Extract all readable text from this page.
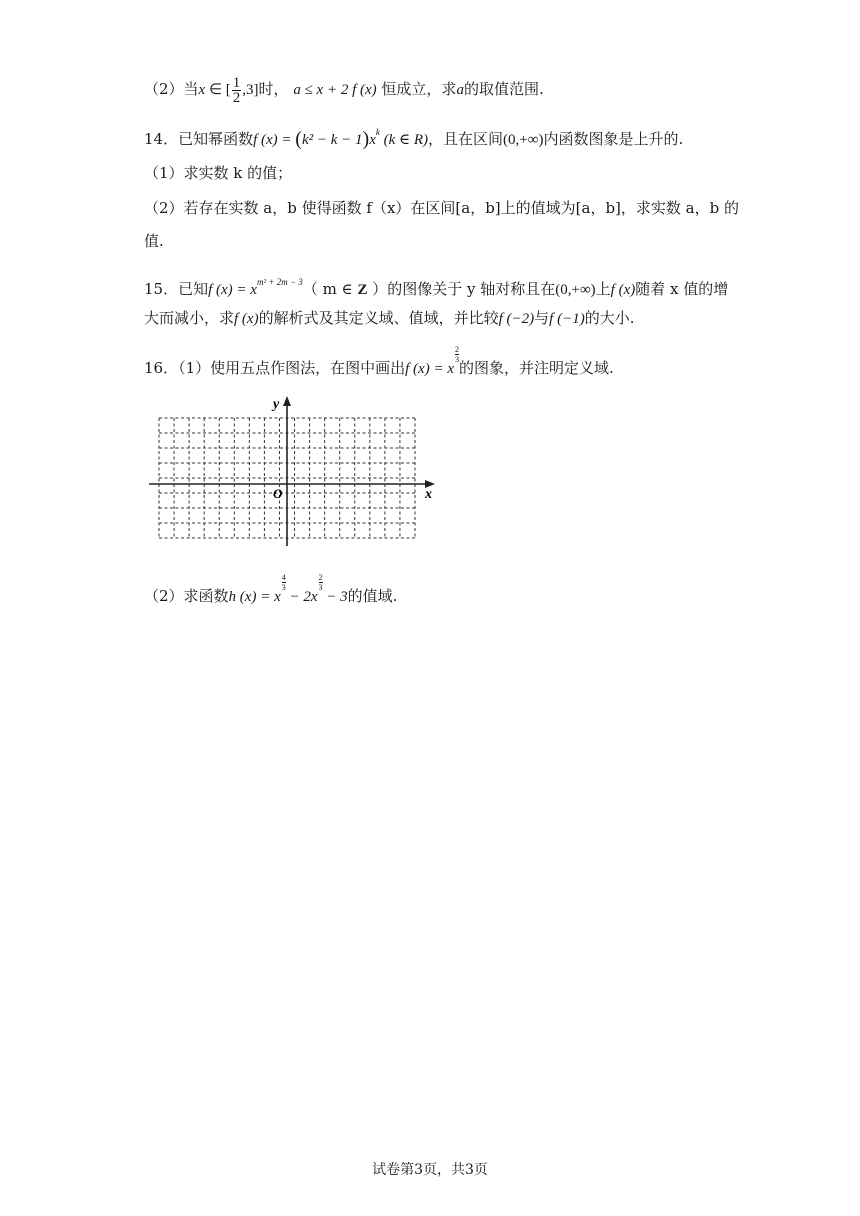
（2）当x ∈ [ $\frac{1}{2} ,3$]时， a ≤ x + 2 f (x) 恒成立，求a的取值范围.
14．已知幂函数f $(x) = (k^2 - k - 1)x^k$ (k ∈ R)，且在区间(0,+∞)内函数图象是上升的.
（1）求实数 k 的值；
（2）若存在实数 a，b 使得函数 f（x）在区间[a，b]上的值域为[a，b]，求实数 a，b 的
值.
15．已知f $(x) = x^{m^2 + 2m - 3}$（ m ∈ Z ）的图像关于 y 轴对称且在(0,+∞)上f (x)随着 x 值的增
大而减小，求f (x)的解析式及其定义域、值域，并比较f (−2)与f (−1)的大小.
16．（1）使用五点作图法，在图中画出f (x) = x
$\frac{2}{3}$
的图象，并注明定义域.
y
x
O
（2）求函数h (x) = x
$\frac{4}{3}$
− 2x
$\frac{2}{3}$
− 3的值域.
试卷第3页，共3页
